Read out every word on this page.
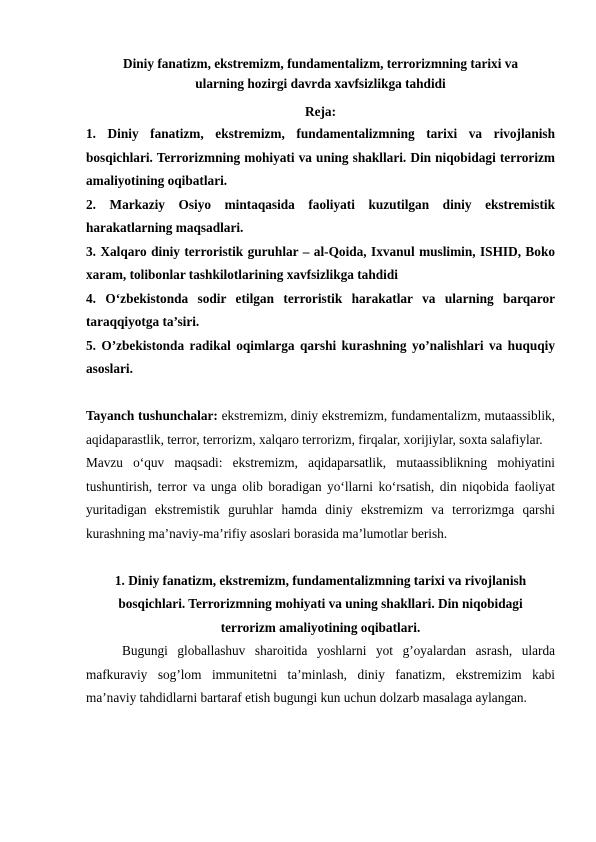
Diniy fanatizm, ekstremizm, fundamentalizm, terrorizmning tarixi va

ularning hozirgi davrda xavfsizlikga tahdidi

Reja:
1. Diniy fanatizm, ekstremizm, fundamentalizmning tarixi va rivojlanish bosqichlari. Terrorizmning mohiyati va uning shakllari. Din niqobidagi terrorizm amaliyotining oqibatlari.
2. Markaziy Osiyo mintaqasida faoliyati kuzutilgan diniy ekstremistik harakatlarning maqsadlari.
3. Xalqaro diniy terroristik guruhlar – al-Qoida, Ixvanul muslimin, ISHID, Boko xaram, tolibonlar tashkilotlarining xavfsizlikga tahdidi
4. O‘zbekistonda sodir etilgan terroristik harakatlar va ularning barqaror taraqqiyotga ta’siri.
5. O’zbekistonda radikal oqimlarga qarshi kurashning yo’nalishlari va huquqiy asoslari.

Tayanch tushunchalar: ekstremizm, diniy ekstremizm, fundamentalizm, mutaassiblik, aqidaparastlik, terror, terrorizm, xalqaro terrorizm, firqalar, xorijiylar, soxta salafiylar.

Mavzu o‘quv maqsadi: ekstremizm, aqidaparsatlik, mutaassiblikning mohiyatini tushuntirish, terror va unga olib boradigan yo‘llarni ko‘rsatish, din niqobida faoliyat yuritadigan ekstremistik guruhlar hamda diniy ekstremizm va terrorizmga qarshi kurashning ma’naviy-ma’rifiy asoslari borasida ma’lumotlar berish.

1. Diniy fanatizm, ekstremizm, fundamentalizmning tarixi va rivojlanish

bosqichlari. Terrorizmning mohiyati va uning shakllari. Din niqobidagi

terrorizm amaliyotining oqibatlari.

Bugungi globallashuv sharoitida yoshlarni yot g’oyalardan asrash, ularda mafkuraviy sog’lom immunitetni ta’minlash, diniy fanatizm, ekstremizim kabi ma’naviy tahdidlarni bartaraf etish bugungi kun uchun dolzarb masalaga aylangan.
